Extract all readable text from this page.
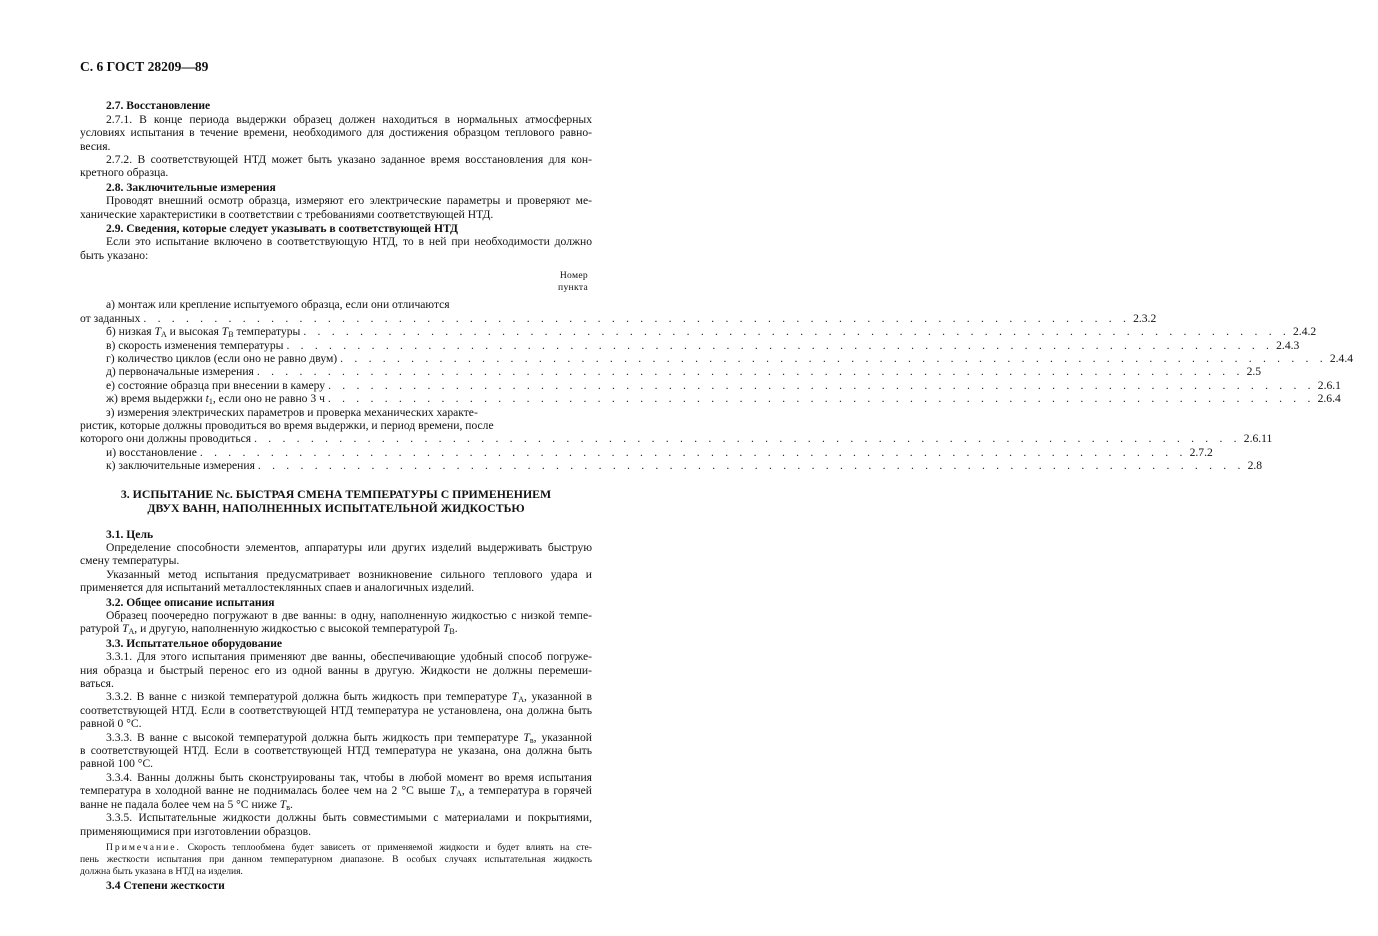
С. 6 ГОСТ 28209—89
2.7. Восстановление
2.7.1. В конце периода выдержки образец должен находиться в нормальных атмосферных
условиях испытания в течение времени, необходимого для достижения образцом теплового равно-
весия.
2.7.2. В соответствующей НТД может быть указано заданное время восстановления для кон-
кретного образца.
2.8. Заключительные измерения
Проводят внешний осмотр образца, измеряют его электрические параметры и проверяют ме-
ханические характеристики в соответствии с требованиями соответствующей НТД.
2.9. Сведения, которые следует указывать в соответствующей НТД
Если это испытание включено в соответствующую НТД, то в ней при необходимости должно
быть указано:
Номер
пункта
а) монтаж или крепление испытуемого образца, если они отличаются
от заданных . . . . . . . . . . . . . . . . . . . . . . . . . . . . . . . . . . . . . . . . . . . . . . . . . . . . . . . . . . . . . . . . . . . . . . 2.3.2
б) низкая $T_А$ и высокая $T_В$ температуры . . . . . . . . . . . . . . . . . . . . . . . . . . . . . . . . . . . . . . . . . . . . . . . . . . . . . . . . . . . . . . . . . . . . . . 2.4.2
в) скорость изменения температуры . . . . . . . . . . . . . . . . . . . . . . . . . . . . . . . . . . . . . . . . . . . . . . . . . . . . . . . . . . . . . . . . . . . . . . 2.4.3
г) количество циклов (если оно не равно двум) . . . . . . . . . . . . . . . . . . . . . . . . . . . . . . . . . . . . . . . . . . . . . . . . . . . . . . . . . . . . . . . . . . . . . . 2.4.4
д) первоначальные измерения . . . . . . . . . . . . . . . . . . . . . . . . . . . . . . . . . . . . . . . . . . . . . . . . . . . . . . . . . . . . . . . . . . . . . . 2.5
е) состояние образца при внесении в камеру . . . . . . . . . . . . . . . . . . . . . . . . . . . . . . . . . . . . . . . . . . . . . . . . . . . . . . . . . . . . . . . . . . . . . . 2.6.1
ж) время выдержки $t_1$, если оно не равно 3 ч . . . . . . . . . . . . . . . . . . . . . . . . . . . . . . . . . . . . . . . . . . . . . . . . . . . . . . . . . . . . . . . . . . . . . . 2.6.4
з) измерения электрических параметров и проверка механических характе-
ристик, которые должны проводиться во время выдержки, и период времени, после
которого они должны проводиться . . . . . . . . . . . . . . . . . . . . . . . . . . . . . . . . . . . . . . . . . . . . . . . . . . . . . . . . . . . . . . . . . . . . . . 2.6.11
и) восстановление . . . . . . . . . . . . . . . . . . . . . . . . . . . . . . . . . . . . . . . . . . . . . . . . . . . . . . . . . . . . . . . . . . . . . . 2.7.2
к) заключительные измерения . . . . . . . . . . . . . . . . . . . . . . . . . . . . . . . . . . . . . . . . . . . . . . . . . . . . . . . . . . . . . . . . . . . . . . 2.8
3. ИСПЫТАНИЕ Nc. БЫСТРАЯ СМЕНА ТЕМПЕРАТУРЫ С ПРИМЕНЕНИЕМ
ДВУХ ВАНН, НАПОЛНЕННЫХ ИСПЫТАТЕЛЬНОЙ ЖИДКОСТЬЮ
3.1. Цель
Определение способности элементов, аппаратуры или других изделий выдерживать быструю
смену температуры.
Указанный метод испытания предусматривает возникновение сильного теплового удара и
применяется для испытаний металлостеклянных спаев и аналогичных изделий.
3.2. Общее описание испытания
Образец поочередно погружают в две ванны: в одну, наполненную жидкостью с низкой темпе-
ратурой $T_А$, и другую, наполненную жидкостью с высокой температурой $T_В$.
3.3. Испытательное оборудование
3.3.1. Для этого испытания применяют две ванны, обеспечивающие удобный способ погруже-
ния образца и быстрый перенос его из одной ванны в другую. Жидкости не должны перемеши-
ваться.
3.3.2. В ванне с низкой температурой должна быть жидкость при температуре $T_А$, указанной в
соответствующей НТД. Если в соответствующей НТД температура не установлена, она должна быть
равной 0 °С.
3.3.3. В ванне с высокой температурой должна быть жидкость при температуре $T_в$, указанной
в соответствующей НТД. Если в соответствующей НТД температура не указана, она должна быть
равной 100 °С.
3.3.4. Ванны должны быть сконструированы так, чтобы в любой момент во время испытания
температура в холодной ванне не поднималась более чем на 2 °С выше $T_А$, а температура в горячей
ванне не падала более чем на 5 °С ниже $T_в$.
3.3.5. Испытательные жидкости должны быть совместимыми с материалами и покрытиями,
применяющимися при изготовлении образцов.
Примечание. Скорость теплообмена будет зависеть от применяемой жидкости и будет влиять на сте-
пень жесткости испытания при данном температурном диапазоне. В особых случаях испытательная жидкость
должна быть указана в НТД на изделия.
3.4 Степени жесткости
